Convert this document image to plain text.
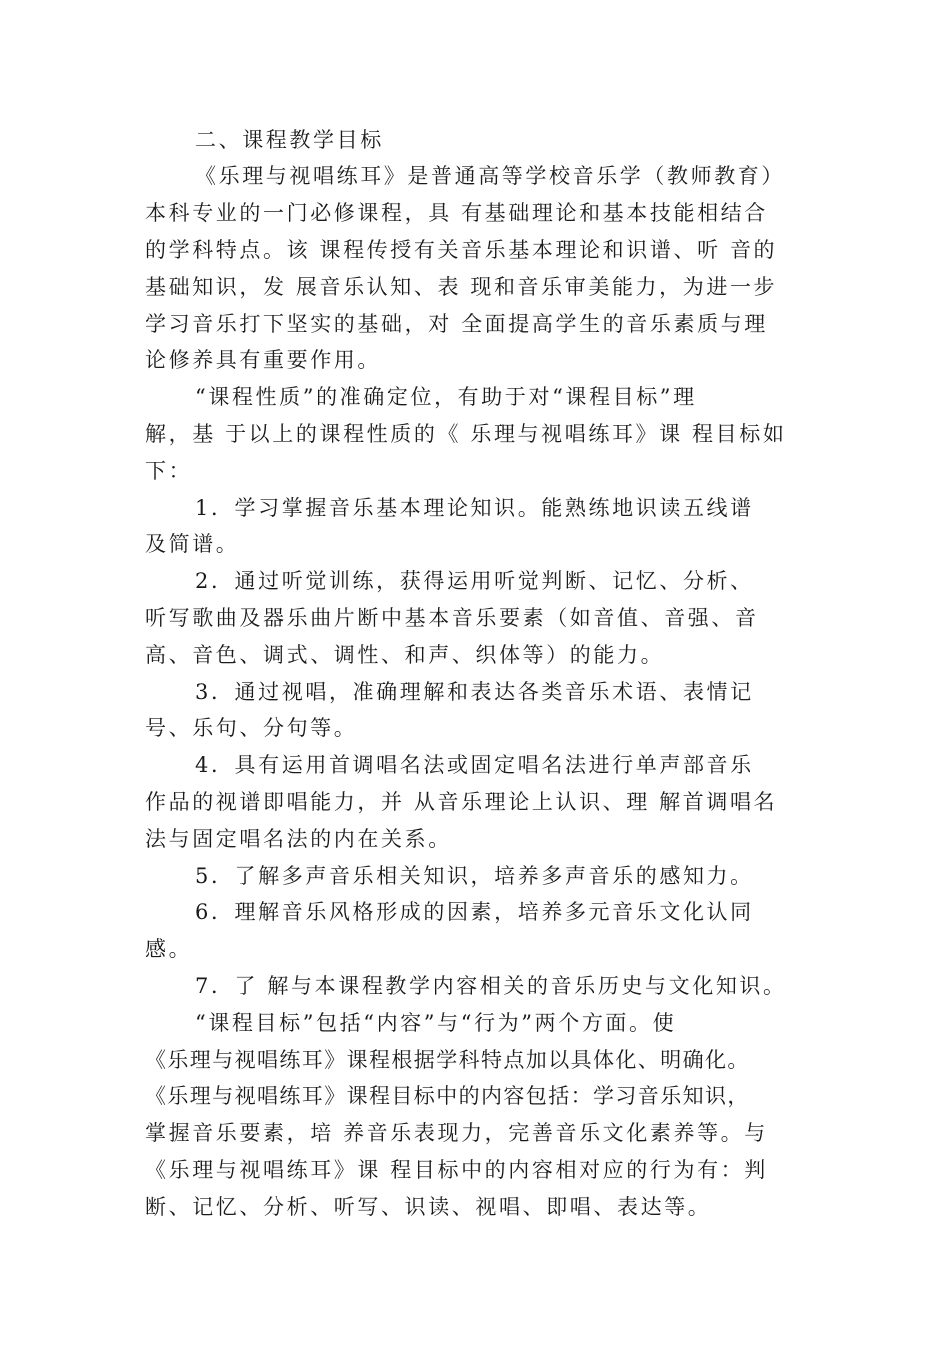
二、课程教学目标
《乐理与视唱练耳》是普通高等学校音乐学（教师教育）
本科专业的一门必修课程，具 有基础理论和基本技能相结合
的学科特点。该 课程传授有关音乐基本理论和识谱、听 音的
基础知识，发 展音乐认知、表 现和音乐审美能力，为进一步
学习音乐打下坚实的基础，对 全面提高学生的音乐素质与理
论修养具有重要作用。
“课程性质”的准确定位，有助于对“课程目标”理
解，基 于以上的课程性质的《 乐理与视唱练耳》课 程目标如
下：
1．学习掌握音乐基本理论知识。能熟练地识读五线谱
及简谱。
2．通过听觉训练，获得运用听觉判断、记忆、分析、
听写歌曲及器乐曲片断中基本音乐要素（如音值、音强、音
高、音色、调式、调性、和声、织体等）的能力。
3．通过视唱，准确理解和表达各类音乐术语、表情记
号、乐句、分句等。
4．具有运用首调唱名法或固定唱名法进行单声部音乐
作品的视谱即唱能力，并 从音乐理论上认识、理 解首调唱名
法与固定唱名法的内在关系。
5．了解多声音乐相关知识，培养多声音乐的感知力。
6．理解音乐风格形成的因素，培养多元音乐文化认同
感。
7．了 解与本课程教学内容相关的音乐历史与文化知识。
“课程目标”包括“内容”与“行为”两个方面。使
《乐理与视唱练耳》课程根据学科特点加以具体化、明确化。
《乐理与视唱练耳》课程目标中的内容包括：学习音乐知识，
掌握音乐要素，培 养音乐表现力，完善音乐文化素养等。与
《乐理与视唱练耳》课 程目标中的内容相对应的行为有：判
断、记忆、分析、听写、识读、视唱、即唱、表达等。
